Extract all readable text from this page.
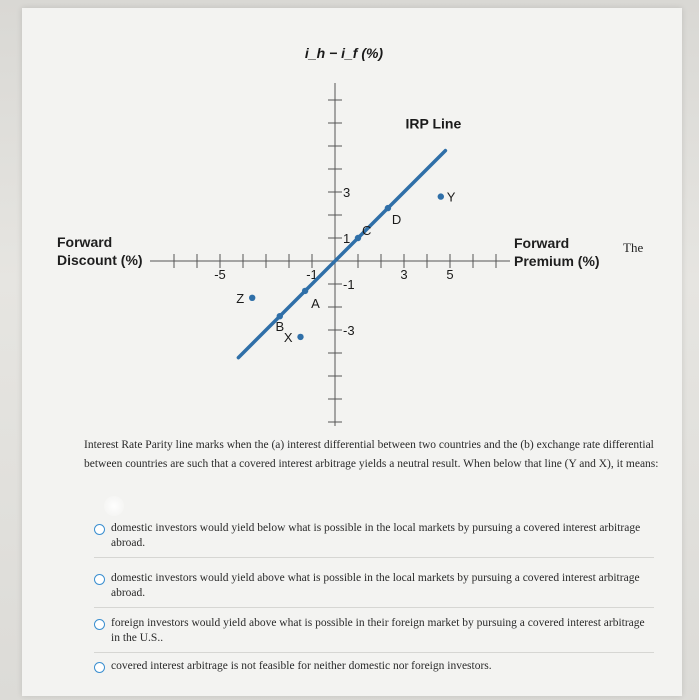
-5	-1	3	5
3
1
-1
-3
IRP Line
A
B
C
D
X
Y
Z
i_h − i_f (%)
Forward
Discount (%)
Forward
Premium (%)
The
Interest Rate Parity line marks when the (a) interest differential between two countries and the (b) exchange rate differential between countries are such that a covered interest arbitrage yields a neutral result. When below that line (Y and X), it means:
domestic investors would yield below what is possible in the local markets by pursuing a covered interest arbitrage abroad.
domestic investors would yield above what is possible in the local markets by pursuing a covered interest arbitrage abroad.
foreign investors would yield above what is possible in their foreign market by pursuing a covered interest arbitrage in the U.S..
covered interest arbitrage is not feasible for neither domestic nor foreign investors.
